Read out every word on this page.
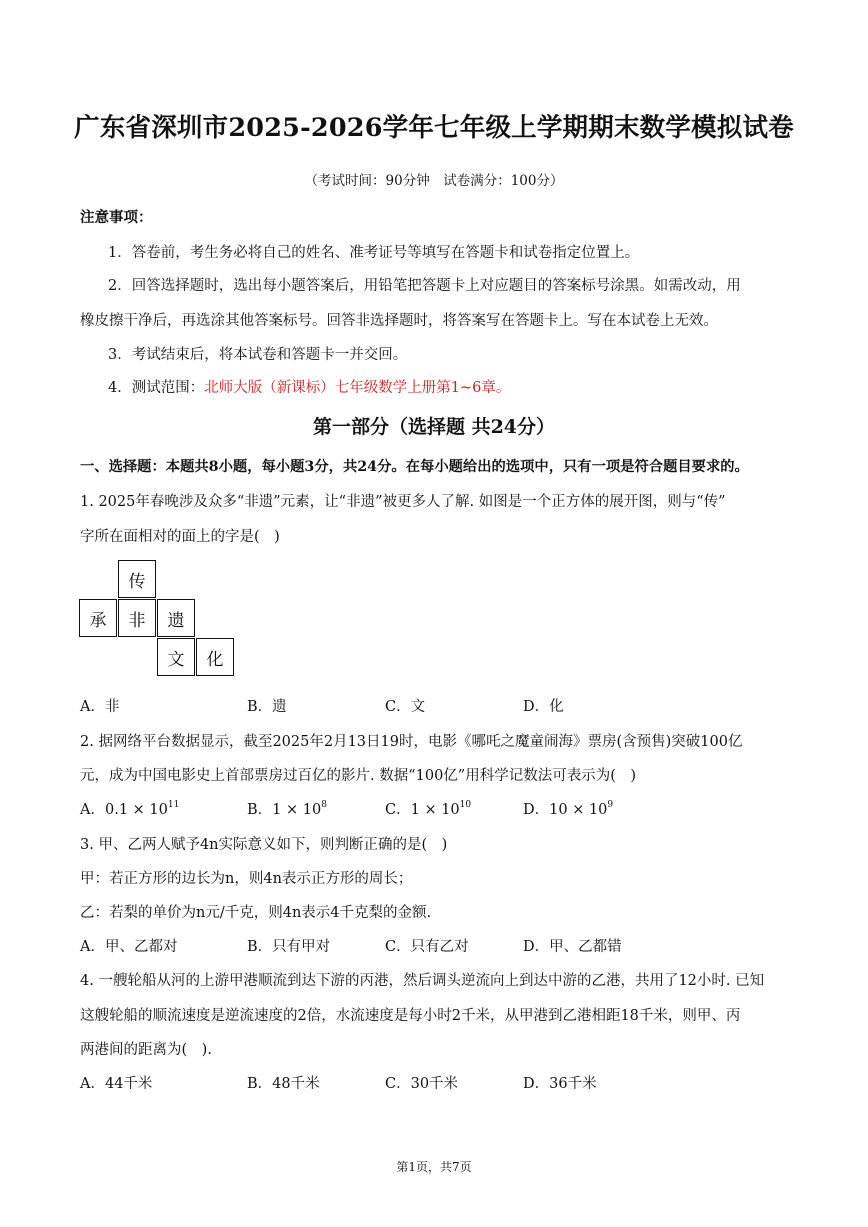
广东省深圳市2025-2026学年七年级上学期期末数学模拟试卷
（考试时间：90分钟　试卷满分：100分）
注意事项：
1．答卷前，考生务必将自己的姓名、准考证号等填写在答题卡和试卷指定位置上。
2．回答选择题时，选出每小题答案后，用铅笔把答题卡上对应题目的答案标号涂黑。如需改动，用
橡皮擦干净后，再选涂其他答案标号。回答非选择题时，将答案写在答题卡上。写在本试卷上无效。
3．考试结束后，将本试卷和答题卡一并交回。
4．测试范围：北师大版（新课标）七年级数学上册第1~6章。
第一部分（选择题 共24分）
一、选择题：本题共8小题，每小题3分，共24分。在每小题给出的选项中，只有一项是符合题目要求的。
1. 2025年春晚涉及众多“非遗”元素，让“非遗”被更多人了解. 如图是一个正方体的展开图，则与“传”
字所在面相对的面上的字是(　)
传
承	非	遗
文	化
A．非	B．遗	C．文	D．化
2. 据网络平台数据显示，截至2025年2月13日19时，电影《哪吒之魔童闹海》票房(含预售)突破100亿
元，成为中国电影史上首部票房过百亿的影片. 数据“100亿”用科学记数法可表示为(　)
A．$0.1 \times 10^{11}$	B．$1 \times 10^8$	C．$1 \times 10^{10}$	D．$10 \times 10^9$
3. 甲、乙两人赋予4n实际意义如下，则判断正确的是(　)
甲：若正方形的边长为n，则4n表示正方形的周长；
乙：若梨的单价为n元/千克，则4n表示4千克梨的金额.
A．甲、乙都对	B．只有甲对	C．只有乙对	D．甲、乙都错
4. 一艘轮船从河的上游甲港顺流到达下游的丙港，然后调头逆流向上到达中游的乙港，共用了12小时. 已知
这艘轮船的顺流速度是逆流速度的2倍，水流速度是每小时2千米，从甲港到乙港相距18千米，则甲、丙
两港间的距离为(　).
A．44千米	B．48千米	C．30千米	D．36千米
第1页，共7页
